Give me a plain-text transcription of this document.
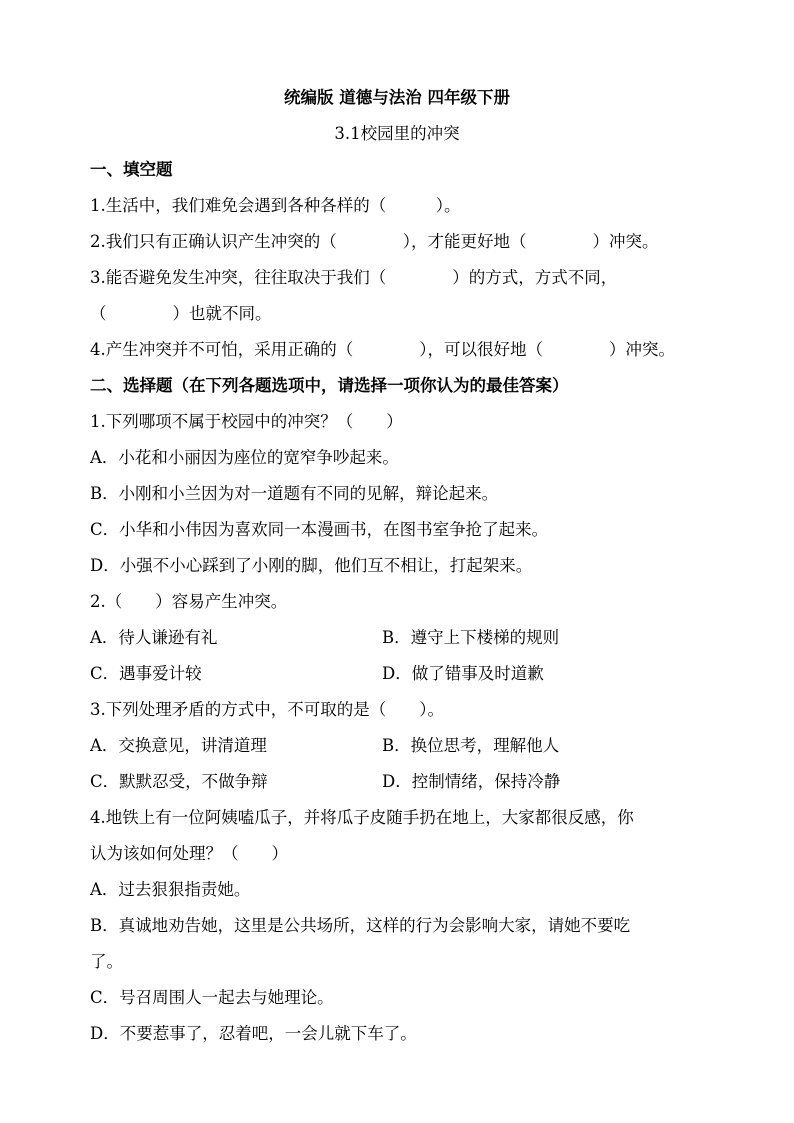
统编版 道德与法治 四年级下册
3.1校园里的冲突
一、填空题
1.生活中，我们难免会遇到各种各样的（　　　）。
2.我们只有正确认识产生冲突的（　　　　），才能更好地（　　　　）冲突。
3.能否避免发生冲突，往往取决于我们（　　　　）的方式，方式不同，
（　　　　）也就不同。
4.产生冲突并不可怕，采用正确的（　　　　），可以很好地（　　　　）冲突。
二、选择题（在下列各题选项中，请选择一项你认为的最佳答案）
1.下列哪项不属于校园中的冲突？（　　）
A．小花和小丽因为座位的宽窄争吵起来。
B．小刚和小兰因为对一道题有不同的见解，辩论起来。
C．小华和小伟因为喜欢同一本漫画书，在图书室争抢了起来。
D．小强不小心踩到了小刚的脚，他们互不相让，打起架来。
2.（　　）容易产生冲突。
A．待人谦逊有礼	B．遵守上下楼梯的规则
C．遇事爱计较	D．做了错事及时道歉
3.下列处理矛盾的方式中，不可取的是（　　）。
A．交换意见，讲清道理	B．换位思考，理解他人
C．默默忍受，不做争辩	D．控制情绪，保持冷静
4.地铁上有一位阿姨嗑瓜子，并将瓜子皮随手扔在地上，大家都很反感，你
认为该如何处理？（　　）
A．过去狠狠指责她。
B．真诚地劝告她，这里是公共场所，这样的行为会影响大家，请她不要吃
了。
C．号召周围人一起去与她理论。
D．不要惹事了，忍着吧，一会儿就下车了。
